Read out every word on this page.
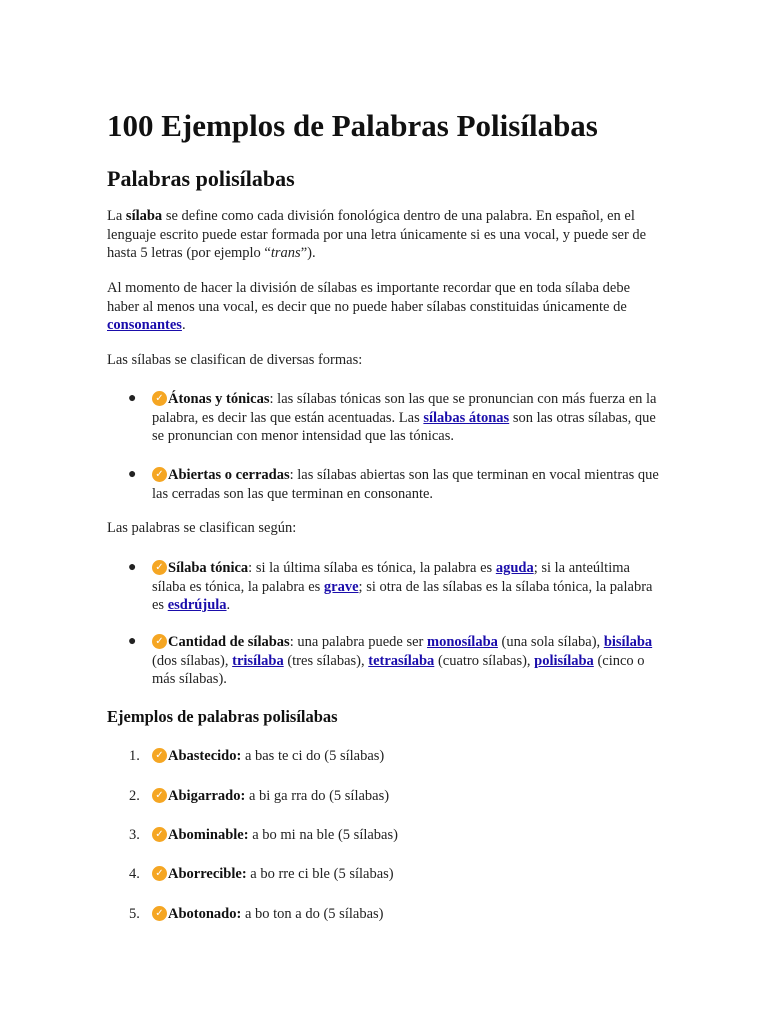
100 Ejemplos de Palabras Polisílabas
Palabras polisílabas

La sílaba se define como cada división fonológica dentro de una palabra. En español, en el lenguaje escrito puede estar formada por una letra únicamente si es una vocal, y puede ser de hasta 5 letras (por ejemplo “trans”).

Al momento de hacer la división de sílabas es importante recordar que en toda sílaba debe haber al menos una vocal, es decir que no puede haber sílabas constituidas únicamente de consonantes.

Las sílabas se clasifican de diversas formas:

● ✓ Átonas y tónicas: las sílabas tónicas son las que se pronuncian con más fuerza en la palabra, es decir las que están acentuadas. Las sílabas átonas son las otras sílabas, que se pronuncian con menor intensidad que las tónicas.
● ✓ Abiertas o cerradas: las sílabas abiertas son las que terminan en vocal mientras que las cerradas son las que terminan en consonante.

Las palabras se clasifican según:

● ✓ Sílaba tónica: si la última sílaba es tónica, la palabra es aguda; si la anteúltima sílaba es tónica, la palabra es grave; si otra de las sílabas es la sílaba tónica, la palabra es esdrújula.
● ✓ Cantidad de sílabas: una palabra puede ser monosílaba (una sola sílaba), bisílaba (dos sílabas), trisílaba (tres sílabas), tetrasílaba (cuatro sílabas), polisílaba (cinco o más sílabas).
Ejemplos de palabras polisílabas
1. ✓ Abastecido: a bas te ci do (5 sílabas)
2. ✓ Abigarrado: a bi ga rra do (5 sílabas)
3. ✓ Abominable: a bo mi na ble (5 sílabas)
4. ✓ Aborrecible: a bo rre ci ble (5 sílabas)
5. ✓ Abotonado: a bo ton a do (5 sílabas)
